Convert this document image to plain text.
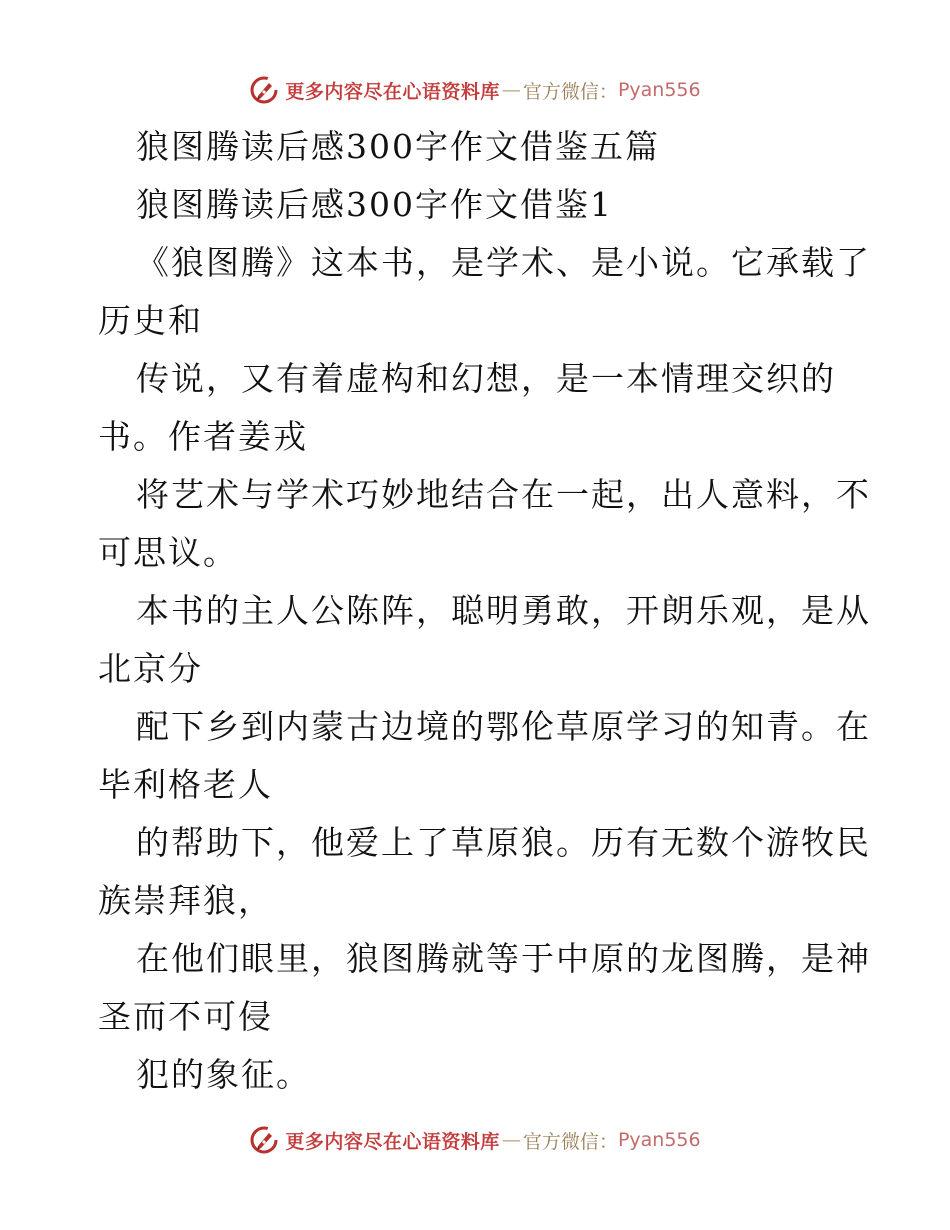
更多内容尽在心语资料库 — 官方微信： Pyan556
狼图腾读后感300字作文借鉴五篇
狼图腾读后感300字作文借鉴1
《狼图腾》这本书，是学术、是小说。它承载了
历史和
传说，又有着虚构和幻想，是一本情理交织的
书。作者姜戎
将艺术与学术巧妙地结合在一起，出人意料，不
可思议。
本书的主人公陈阵，聪明勇敢，开朗乐观，是从
北京分
配下乡到内蒙古边境的鄂伦草原学习的知青。在
毕利格老人
的帮助下，他爱上了草原狼。历有无数个游牧民
族崇拜狼，
在他们眼里，狼图腾就等于中原的龙图腾，是神
圣而不可侵
犯的象征。
更多内容尽在心语资料库 — 官方微信： Pyan556
